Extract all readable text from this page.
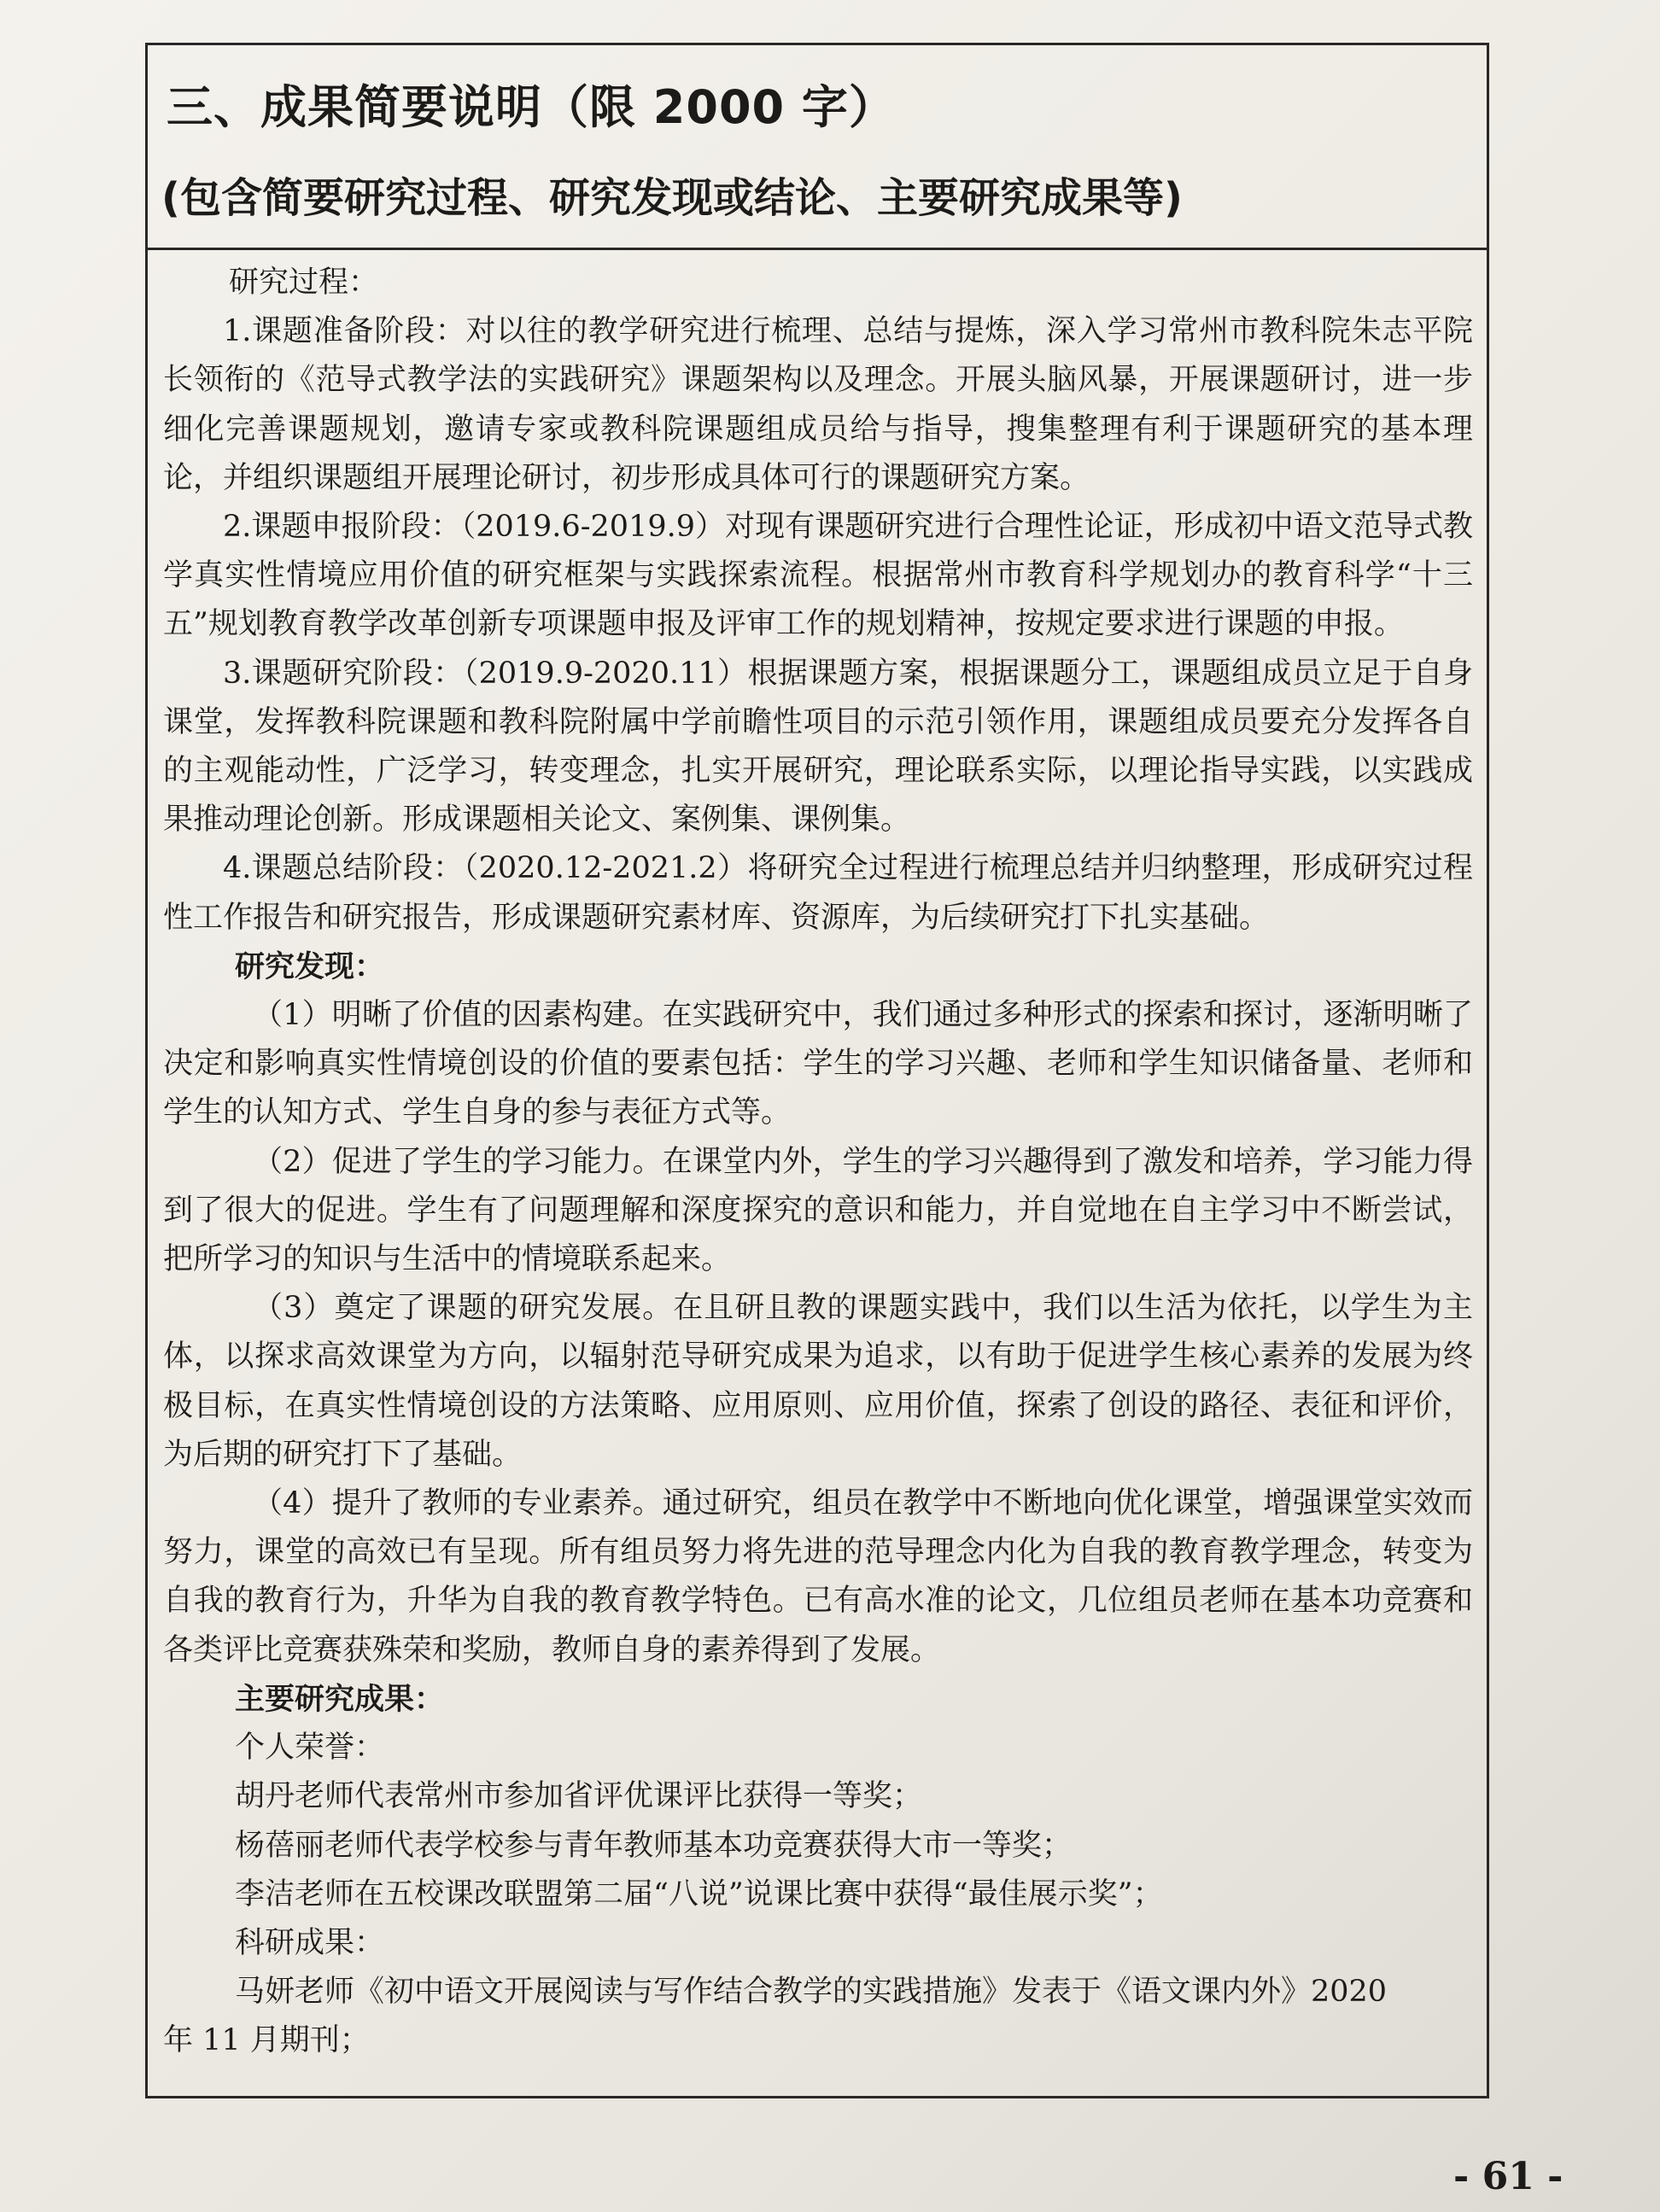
三、成果简要说明（限 2000 字）
(包含简要研究过程、研究发现或结论、主要研究成果等)

研究过程：

1.课题准备阶段：对以往的教学研究进行梳理、总结与提炼，深入学习常州市教科院朱志平院长领衔的《范导式教学法的实践研究》课题架构以及理念。开展头脑风暴，开展课题研讨，进一步细化完善课题规划，邀请专家或教科院课题组成员给与指导，搜集整理有利于课题研究的基本理论，并组织课题组开展理论研讨，初步形成具体可行的课题研究方案。

2.课题申报阶段：（2019.6-2019.9）对现有课题研究进行合理性论证，形成初中语文范导式教学真实性情境应用价值的研究框架与实践探索流程。根据常州市教育科学规划办的教育科学“十三五”规划教育教学改革创新专项课题申报及评审工作的规划精神，按规定要求进行课题的申报。

3.课题研究阶段：（2019.9-2020.11）根据课题方案，根据课题分工，课题组成员立足于自身课堂，发挥教科院课题和教科院附属中学前瞻性项目的示范引领作用，课题组成员要充分发挥各自的主观能动性，广泛学习，转变理念，扎实开展研究，理论联系实际，以理论指导实践，以实践成果推动理论创新。形成课题相关论文、案例集、课例集。

4.课题总结阶段：（2020.12-2021.2）将研究全过程进行梳理总结并归纳整理，形成研究过程性工作报告和研究报告，形成课题研究素材库、资源库，为后续研究打下扎实基础。

研究发现：

（1）明晰了价值的因素构建。在实践研究中，我们通过多种形式的探索和探讨，逐渐明晰了决定和影响真实性情境创设的价值的要素包括：学生的学习兴趣、老师和学生知识储备量、老师和学生的认知方式、学生自身的参与表征方式等。

（2）促进了学生的学习能力。在课堂内外，学生的学习兴趣得到了激发和培养，学习能力得到了很大的促进。学生有了问题理解和深度探究的意识和能力，并自觉地在自主学习中不断尝试，把所学习的知识与生活中的情境联系起来。

（3）奠定了课题的研究发展。在且研且教的课题实践中，我们以生活为依托，以学生为主体，以探求高效课堂为方向，以辐射范导研究成果为追求，以有助于促进学生核心素养的发展为终极目标，在真实性情境创设的方法策略、应用原则、应用价值，探索了创设的路径、表征和评价，为后期的研究打下了基础。

（4）提升了教师的专业素养。通过研究，组员在教学中不断地向优化课堂，增强课堂实效而努力，课堂的高效已有呈现。所有组员努力将先进的范导理念内化为自我的教育教学理念，转变为自我的教育行为，升华为自我的教育教学特色。已有高水准的论文，几位组员老师在基本功竞赛和各类评比竞赛获殊荣和奖励，教师自身的素养得到了发展。

主要研究成果：

个人荣誉：

胡丹老师代表常州市参加省评优课评比获得一等奖；

杨蓓丽老师代表学校参与青年教师基本功竞赛获得大市一等奖；

李洁老师在五校课改联盟第二届“八说”说课比赛中获得“最佳展示奖”；

科研成果：

马妍老师《初中语文开展阅读与写作结合教学的实践措施》发表于《语文课内外》2020

年 11 月期刊；

- 61 -
